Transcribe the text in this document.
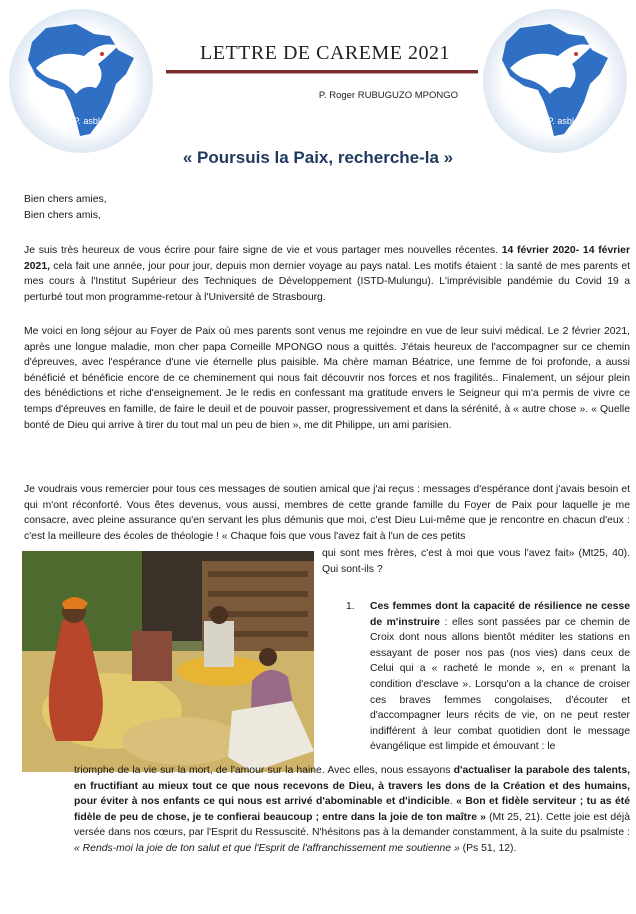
A.F.P. asbl	A.F.P. asbl
LETTRE DE CAREME 2021
P. Roger RUBUGUZO MPONGO
« Poursuis la Paix, recherche-la »
Bien chers amies,
Bien chers amis,

Je suis très heureux de vous écrire pour faire signe de vie et vous partager mes nouvelles récentes. 14 février 2020- 14 février 2021, cela fait une année, jour pour jour, depuis mon dernier voyage au pays natal. Les motifs étaient : la santé de mes parents et mes cours à l'Institut Supérieur des Techniques de Développement (ISTD-Mulungu). L'imprévisible pandémie du Covid 19 a perturbé tout mon programme-retour à l'Université de Strasbourg.

Me voici en long séjour au Foyer de Paix où mes parents sont venus me rejoindre en vue de leur suivi médical. Le 2 février 2021, après une longue maladie, mon cher papa Corneille MPONGO nous a quittés. J'étais heureux de l'accompagner sur ce chemin d'épreuves, avec l'espérance d'une vie éternelle plus paisible. Ma chère maman Béatrice, une femme de foi profonde, a aussi bénéficié et bénéficie encore de ce cheminement qui nous fait découvrir nos forces et nos fragilités.. Finalement, un séjour plein des bénédictions et riche d'enseignement. Je le redis en confessant ma gratitude envers le Seigneur qui m'a permis de vivre ce temps d'épreuves en famille, de faire le deuil et de pouvoir passer, progressivement et dans la sérénité, à « autre chose ». « Quelle bonté de Dieu qui arrive à tirer du tout mal un peu de bien », me dit Philippe, un ami parisien.

Je voudrais vous remercier pour tous ces messages de soutien amical que j'ai reçus : messages d'espérance dont j'avais besoin et qui m'ont réconforté. Vous êtes devenus, vous aussi, membres de cette grande famille du Foyer de Paix pour laquelle je me consacre, avec pleine assurance qu'en servant les plus démunis que moi, c'est Dieu Lui-même que je rencontre en chacun d'eux : c'est la meilleure des écoles de théologie ! « Chaque fois que vous l'avez fait à l'un de ces petits

qui sont mes frères, c'est à moi que vous l'avez fait» (Mt25, 40). Qui sont-ils ?

1.	Ces femmes dont la capacité de résilience ne cesse de m'instruire : elles sont passées par ce chemin de Croix dont nous allons bientôt méditer les stations en essayant de poser nos pas (nos vies) dans ceux de Celui qui a « racheté le monde », en « prenant la condition d'esclave ». Lorsqu'on a la chance de croiser ces braves femmes congolaises, d'écouter et d'accompagner leurs récits de vie, on ne peut rester indifférent à leur combat quotidien dont le message évangélique est limpide et émouvant : le

triomphe de la vie sur la mort, de l'amour sur la haine. Avec elles, nous essayons d'actualiser la parabole des talents, en fructifiant au mieux tout ce que nous recevons de Dieu, à travers les dons de la Création et des humains, pour éviter à nos enfants ce qui nous est arrivé d'abominable et d'indicible. « Bon et fidèle serviteur ; tu as été fidèle de peu de chose, je te confierai beaucoup ; entre dans la joie de ton maître » (Mt 25, 21). Cette joie est déjà versée dans nos cœurs, par l'Esprit du Ressuscité. N'hésitons pas à la demander constamment, à la suite du psalmiste : « Rends-moi la joie de ton salut et que l'Esprit de l'affranchissement me soutienne » (Ps 51, 12).
